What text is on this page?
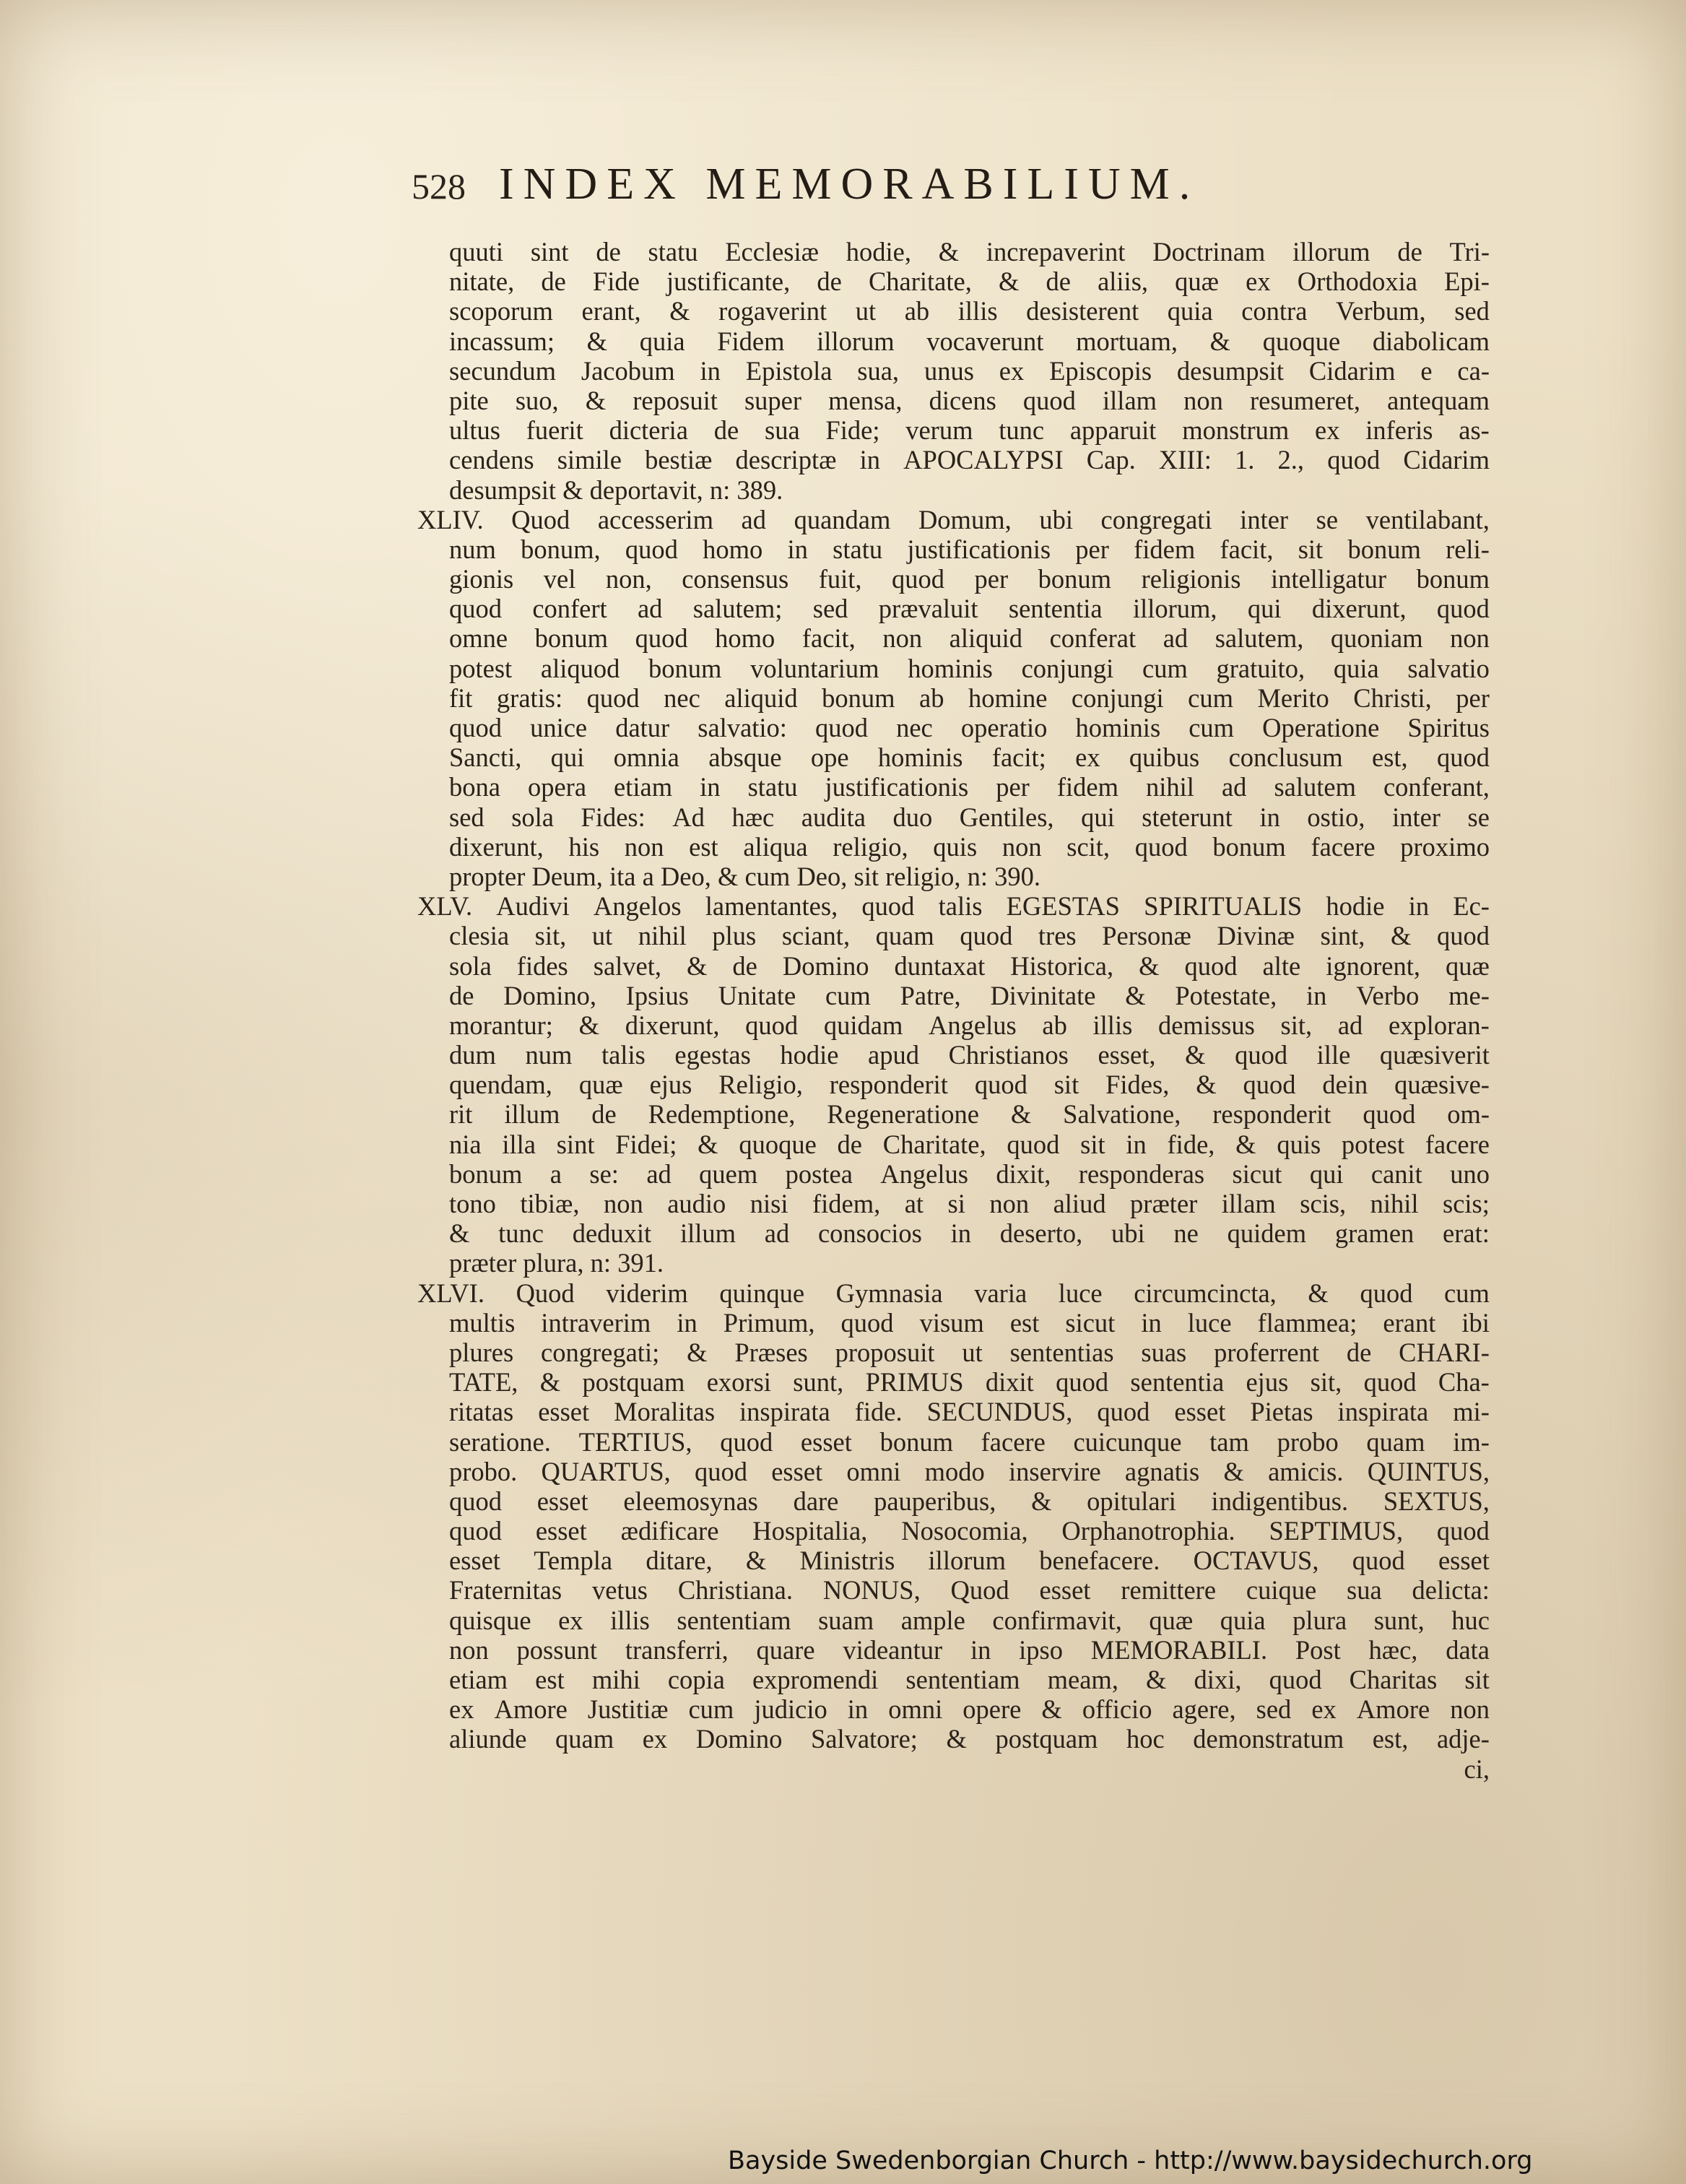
528 INDEX MEMORABILIUM.
quuti sint de statu Ecclesiæ hodie, & increpaverint Doctrinam illorum de Tri-
nitate, de Fide justificante, de Charitate, & de aliis, quæ ex Orthodoxia Epi-
scoporum erant, & rogaverint ut ab illis desisterent quia contra Verbum, sed
incassum; & quia Fidem illorum vocaverunt mortuam, & quoque diabolicam
secundum Jacobum in Epistola sua, unus ex Episcopis desumpsit Cidarim e ca-
pite suo, & reposuit super mensa, dicens quod illam non resumeret, antequam
ultus fuerit dicteria de sua Fide; verum tunc apparuit monstrum ex inferis as-
cendens simile bestiæ descriptæ in APOCALYPSI Cap. XIII: 1. 2., quod Cidarim
desumpsit & deportavit, n: 389.
XLIV. Quod accesserim ad quandam Domum, ubi congregati inter se ventilabant,
num bonum, quod homo in statu justificationis per fidem facit, sit bonum reli-
gionis vel non, consensus fuit, quod per bonum religionis intelligatur bonum
quod confert ad salutem; sed prævaluit sententia illorum, qui dixerunt, quod
omne bonum quod homo facit, non aliquid conferat ad salutem, quoniam non
potest aliquod bonum voluntarium hominis conjungi cum gratuito, quia salvatio
fit gratis: quod nec aliquid bonum ab homine conjungi cum Merito Christi, per
quod unice datur salvatio: quod nec operatio hominis cum Operatione Spiritus
Sancti, qui omnia absque ope hominis facit; ex quibus conclusum est, quod
bona opera etiam in statu justificationis per fidem nihil ad salutem conferant,
sed sola Fides: Ad hæc audita duo Gentiles, qui steterunt in ostio, inter se
dixerunt, his non est aliqua religio, quis non scit, quod bonum facere proximo
propter Deum, ita a Deo, & cum Deo, sit religio, n: 390.
XLV. Audivi Angelos lamentantes, quod talis EGESTAS SPIRITUALIS hodie in Ec-
clesia sit, ut nihil plus sciant, quam quod tres Personæ Divinæ sint, & quod
sola fides salvet, & de Domino duntaxat Historica, & quod alte ignorent, quæ
de Domino, Ipsius Unitate cum Patre, Divinitate & Potestate, in Verbo me-
morantur; & dixerunt, quod quidam Angelus ab illis demissus sit, ad exploran-
dum num talis egestas hodie apud Christianos esset, & quod ille quæsiverit
quendam, quæ ejus Religio, responderit quod sit Fides, & quod dein quæsive-
rit illum de Redemptione, Regeneratione & Salvatione, responderit quod om-
nia illa sint Fidei; & quoque de Charitate, quod sit in fide, & quis potest facere
bonum a se: ad quem postea Angelus dixit, responderas sicut qui canit uno
tono tibiæ, non audio nisi fidem, at si non aliud præter illam scis, nihil scis;
& tunc deduxit illum ad consocios in deserto, ubi ne quidem gramen erat:
præter plura, n: 391.
XLVI. Quod viderim quinque Gymnasia varia luce circumcincta, & quod cum
multis intraverim in Primum, quod visum est sicut in luce flammea; erant ibi
plures congregati; & Præses proposuit ut sententias suas proferrent de CHARI-
TATE, & postquam exorsi sunt, PRIMUS dixit quod sententia ejus sit, quod Cha-
ritatas esset Moralitas inspirata fide. SECUNDUS, quod esset Pietas inspirata mi-
seratione. TERTIUS, quod esset bonum facere cuicunque tam probo quam im-
probo. QUARTUS, quod esset omni modo inservire agnatis & amicis. QUINTUS,
quod esset eleemosynas dare pauperibus, & opitulari indigentibus. SEXTUS,
quod esset ædificare Hospitalia, Nosocomia, Orphanotrophia. SEPTIMUS, quod
esset Templa ditare, & Ministris illorum benefacere. OCTAVUS, quod esset
Fraternitas vetus Christiana. NONUS, Quod esset remittere cuique sua delicta:
quisque ex illis sententiam suam ample confirmavit, quæ quia plura sunt, huc
non possunt transferri, quare videantur in ipso MEMORABILI. Post hæc, data
etiam est mihi copia expromendi sententiam meam, & dixi, quod Charitas sit
ex Amore Justitiæ cum judicio in omni opere & officio agere, sed ex Amore non
aliunde quam ex Domino Salvatore; & postquam hoc demonstratum est, adje-
ci,
Bayside Swedenborgian Church - http://www.baysidechurch.org
